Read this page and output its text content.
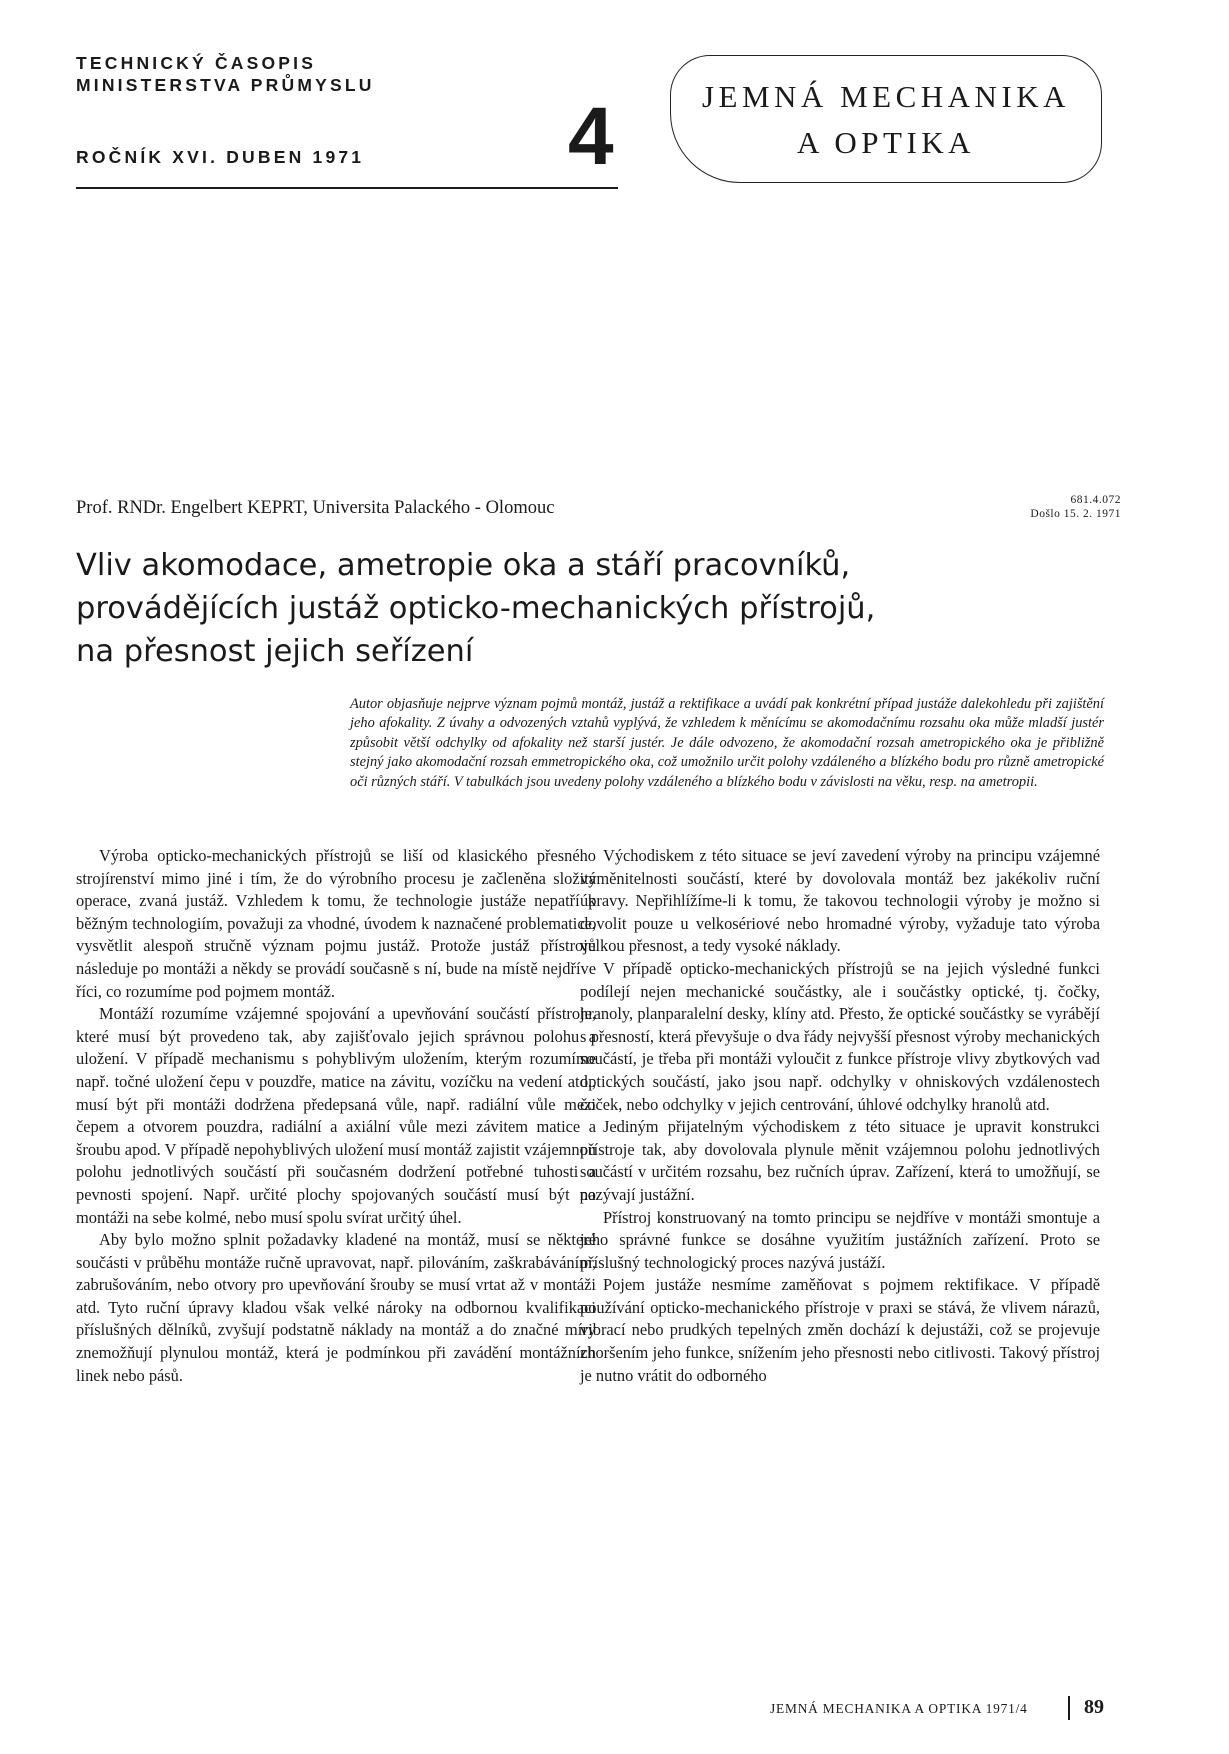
TECHNICKÝ ČASOPIS
MINISTERSTVA PRŮMYSLU
ROČNÍK XVI. DUBEN 1971	4	JEMNÁ MECHANIKA
A OPTIKA
Prof. RNDr. Engelbert KEPRT, Universita Palackého - Olomouc	681.4.072
Došlo 15. 2. 1971
Vliv akomodace, ametropie oka a stáří pracovníků,
provádějících justáž opticko-mechanických přístrojů,
na přesnost jejich seřízení
Autor objasňuje nejprve význam pojmů montáž, justáž a rektifikace a uvádí pak konkrétní případ justáže dalekohledu při zajištění jeho afokality. Z úvahy a odvozených vztahů vyplývá, že vzhledem k měnícímu se akomodačnímu rozsahu oka může mladší justér způsobit větší odchylky od afokality než starší justér. Je dále odvozeno, že akomodační rozsah ametropického oka je přibližně stejný jako akomodační rozsah emmetropického oka, což umožnilo určit polohy vzdáleného a blízkého bodu pro různě ametropické oči různých stáří. V tabulkách jsou uvedeny polohy vzdáleného a blízkého bodu v závislosti na věku, resp. na ametropii.

Výroba opticko-mechanických přístrojů se liší od klasického přesného strojírenství mimo jiné i tím, že do výrobního procesu je začleněna složitá operace, zvaná justáž. Vzhledem k tomu, že technologie justáže nepatří k běžným technologiím, považuji za vhodné, úvodem k naznačené problematice, vysvětlit alespoň stručně význam pojmu justáž. Protože justáž přístrojů následuje po montáži a někdy se provádí současně s ní, bude na místě nejdříve říci, co rozumíme pod pojmem montáž.

Montáží rozumíme vzájemné spojování a upevňování součástí přístroje, které musí být provedeno tak, aby zajišťovalo jejich správnou polohu a uložení. V případě mechanismu s pohyblivým uložením, kterým rozumíme např. točné uložení čepu v pouzdře, matice na závitu, vozíčku na vedení atd., musí být při montáži dodržena předepsaná vůle, např. radiální vůle mezi čepem a otvorem pouzdra, radiální a axiální vůle mezi závitem matice a šroubu apod. V případě nepohyblivých uložení musí montáž zajistit vzájemnou polohu jednotlivých součástí při současném dodržení potřebné tuhosti a pevnosti spojení. Např. určité plochy spojovaných součástí musí být po montáži na sebe kolmé, nebo musí spolu svírat určitý úhel.

Aby bylo možno splnit požadavky kladené na montáž, musí se některé součásti v průběhu montáže ručně upravovat, např. pilováním, zaškrabáváním, zabrušováním, nebo otvory pro upevňování šrouby se musí vrtat až v montáži atd. Tyto ruční úpravy kladou však velké nároky na odbornou kvalifikaci příslušných dělníků, zvyšují podstatně náklady na montáž a do značné míry znemožňují plynulou montáž, která je podmínkou při zavádění montážních linek nebo pásů.

Východiskem z této situace se jeví zavedení výroby na principu vzájemné vyměnitelnosti součástí, které by dovolovala montáž bez jakékoliv ruční úpravy. Nepřihlížíme-li k tomu, že takovou technologii výroby je možno si dovolit pouze u velkosériové nebo hromadné výroby, vyžaduje tato výroba velkou přesnost, a tedy vysoké náklady.

V případě opticko-mechanických přístrojů se na jejich výsledné funkci podílejí nejen mechanické součástky, ale i součástky optické, tj. čočky, hranoly, planparalelní desky, klíny atd. Přesto, že optické součástky se vyrábějí s přesností, která převyšuje o dva řády nejvyšší přesnost výroby mechanických součástí, je třeba při montáži vyloučit z funkce přístroje vlivy zbytkových vad optických součástí, jako jsou např. odchylky v ohniskových vzdálenostech čoček, nebo odchylky v jejich centrování, úhlové odchylky hranolů atd.

Jediným přijatelným východiskem z této situace je upravit konstrukci přístroje tak, aby dovolovala plynule měnit vzájemnou polohu jednotlivých součástí v určitém rozsahu, bez ručních úprav. Zařízení, která to umožňují, se nazývají justážní.

Přístroj konstruovaný na tomto principu se nejdříve v montáži smontuje a jeho správné funkce se dosáhne využitím justážních zařízení. Proto se příslušný technologický proces nazývá justáží.

Pojem justáže nesmíme zaměňovat s pojmem rektifikace. V případě používání opticko-mechanického přístroje v praxi se stává, že vlivem nárazů, vibrací nebo prudkých tepelných změn dochází k dejustáži, což se projevuje zhoršením jeho funkce, snížením jeho přesnosti nebo citlivosti. Takový přístroj je nutno vrátit do odborného

JEMNÁ MECHANIKA A OPTIKA 1971/4	89
